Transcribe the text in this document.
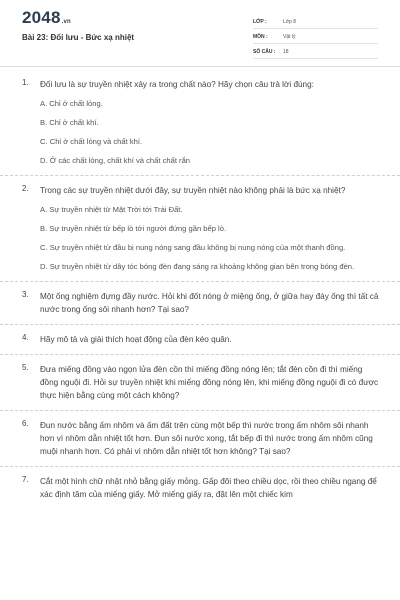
2048.vn
Bài 23: Đối lưu - Bức xạ nhiệt
LỚP :	Lớp 8
MÔN :	Vật lý
SỐ CÂU :	18
1. Đối lưu là sự truyền nhiệt xảy ra trong chất nào? Hãy chọn câu trả lời đúng:
A. Chỉ ở chất lỏng.
B. Chỉ ở chất khí.
C. Chỉ ở chất lỏng và chất khí.
D. Ở các chất lỏng, chất khí và chất chất rắn
2. Trong các sự truyền nhiệt dưới đây, sự truyền nhiệt nào không phải là bức xạ nhiệt?
A. Sự truyền nhiệt từ Mặt Trời tới Trái Đất.
B. Sự truyền nhiệt từ bếp lò tới người đứng gần bếp lò.
C. Sự truyền nhiệt từ đầu bị nung nóng sang đầu không bị nung nóng của một thanh đồng.
D. Sự truyền nhiệt từ dây tóc bóng đèn đang sáng ra khoảng không gian bên trong bóng đèn.
3. Một ống nghiệm đựng đầy nước. Hỏi khi đốt nóng ở miệng ống, ở giữa hay đáy ống thì tất cả nước trong ống sôi nhanh hơn? Tại sao?
4. Hãy mô tả và giải thích hoạt động của đèn kéo quân.
5. Đưa miếng đồng vào ngọn lửa đèn cồn thì miếng đồng nóng lên; tắt đèn cồn đi thì miếng đồng nguội đi. Hỏi sự truyền nhiệt khi miếng đồng nóng lên, khi miếng đồng nguội đi có được thực hiện bằng cùng một cách không?
6. Đun nước bằng ấm nhôm và ấm đất trên cùng một bếp thì nước trong ấm nhôm sôi nhanh hơn vì nhôm dẫn nhiệt tốt hơn. Đun sôi nước xong, tắt bếp đi thì nước trong ấm nhôm cũng muội nhanh hơn. Có phải vì nhôm dẫn nhiệt tốt hơn không? Tại sao?
7. Cắt một hình chữ nhật nhỏ bằng giấy mỏng. Gấp đôi theo chiều dọc, rồi theo chiều ngang để xác định tâm của miếng giấy. Mở miếng giấy ra, đặt lên một chiếc kim
